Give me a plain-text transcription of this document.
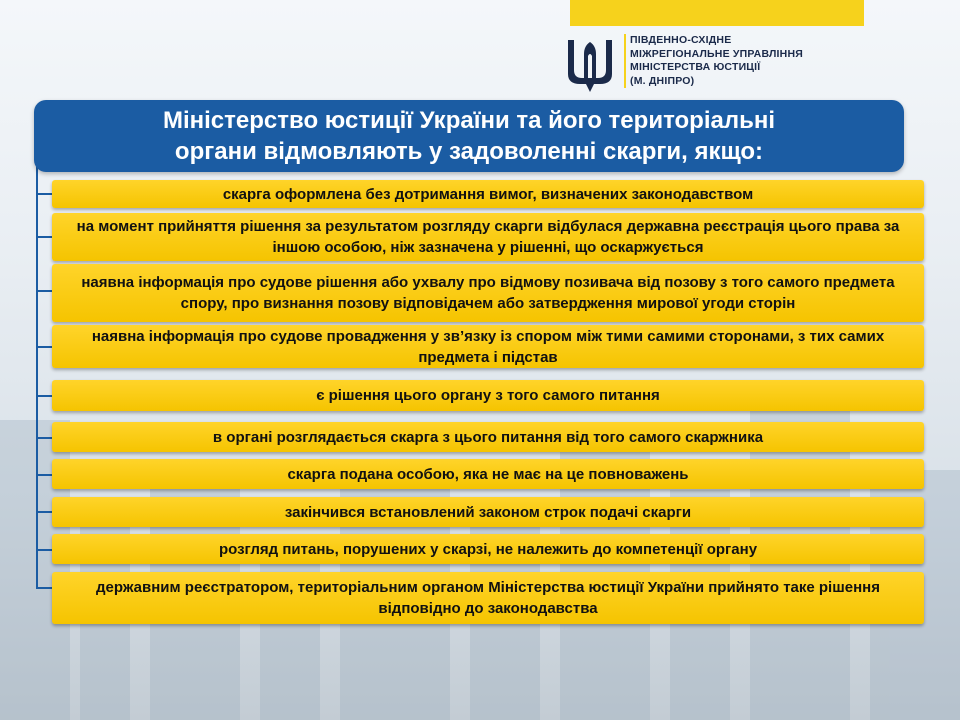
ПІВДЕННО-СХІДНЕ
МІЖРЕГІОНАЛЬНЕ УПРАВЛІННЯ
МІНІСТЕРСТВА ЮСТИЦІЇ
(М. ДНІПРО)
Міністерство юстиції України та його територіальні
органи відмовляють у задоволенні скарги, якщо:
скарга оформлена без дотримання вимог, визначених законодавством
на момент прийняття рішення за результатом розгляду скарги відбулася державна реєстрація цього права за іншою особою, ніж зазначена у рішенні, що оскаржується
наявна інформація про судове рішення або ухвалу про відмову позивача від позову з того самого предмета спору, про визнання позову відповідачем або затвердження мирової угоди сторін
наявна інформація про судове провадження у зв’язку із спором між тими самими сторонами, з тих самих предмета і підстав
є рішення цього органу з того самого питання
в органі розглядається скарга з цього питання від того самого скаржника
скарга подана особою, яка не має на це повноважень
закінчився встановлений законом строк подачі скарги
розгляд питань, порушених у скарзі, не належить до компетенції органу
державним реєстратором, територіальним органом Міністерства юстиції України прийнято таке рішення відповідно до законодавства
